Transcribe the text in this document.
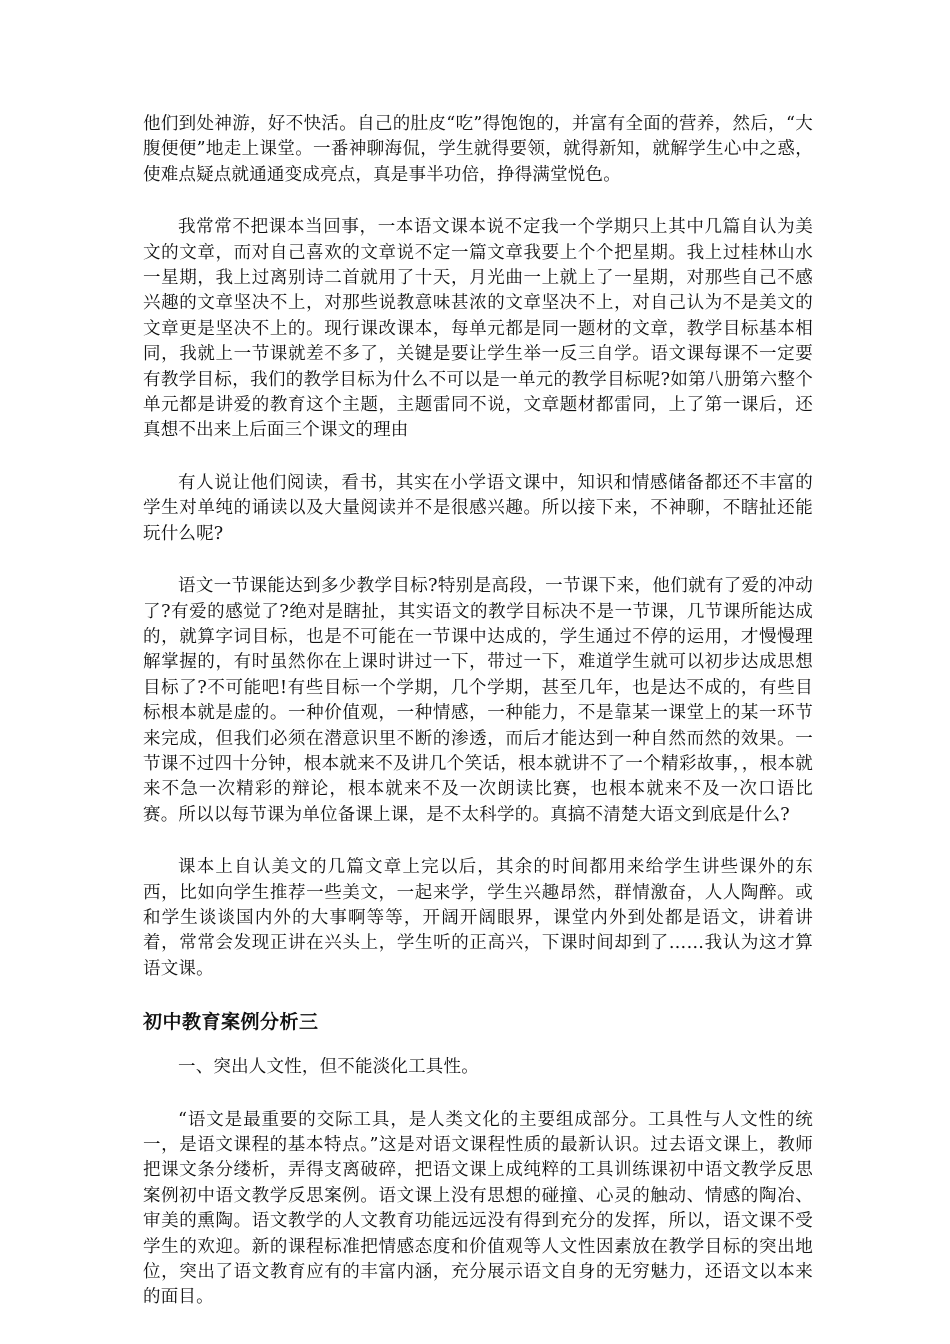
他们到处神游，好不快活。自己的肚皮“吃”得饱饱的，并富有全面的营养，然后，“大腹便便”地走上课堂。一番神聊海侃，学生就得要领，就得新知，就解学生心中之惑，使难点疑点就通通变成亮点，真是事半功倍，挣得满堂悦色。

我常常不把课本当回事，一本语文课本说不定我一个学期只上其中几篇自认为美文的文章，而对自己喜欢的文章说不定一篇文章我要上个个把星期。我上过桂林山水一星期，我上过离别诗二首就用了十天，月光曲一上就上了一星期，对那些自己不感兴趣的文章坚决不上，对那些说教意味甚浓的文章坚决不上，对自己认为不是美文的文章更是坚决不上的。现行课改课本，每单元都是同一题材的文章，教学目标基本相同，我就上一节课就差不多了，关键是要让学生举一反三自学。语文课每课不一定要有教学目标，我们的教学目标为什么不可以是一单元的教学目标呢?如第八册第六整个单元都是讲爱的教育这个主题，主题雷同不说，文章题材都雷同，上了第一课后，还真想不出来上后面三个课文的理由

有人说让他们阅读，看书，其实在小学语文课中，知识和情感储备都还不丰富的学生对单纯的诵读以及大量阅读并不是很感兴趣。所以接下来，不神聊，不瞎扯还能玩什么呢?

语文一节课能达到多少教学目标?特别是高段，一节课下来，他们就有了爱的冲动了?有爱的感觉了?绝对是瞎扯，其实语文的教学目标决不是一节课，几节课所能达成的，就算字词目标，也是不可能在一节课中达成的，学生通过不停的运用，才慢慢理解掌握的，有时虽然你在上课时讲过一下，带过一下，难道学生就可以初步达成思想目标了?不可能吧!有些目标一个学期，几个学期，甚至几年，也是达不成的，有些目标根本就是虚的。一种价值观，一种情感，一种能力，不是靠某一课堂上的某一环节来完成，但我们必须在潜意识里不断的渗透，而后才能达到一种自然而然的效果。一节课不过四十分钟，根本就来不及讲几个笑话，根本就讲不了一个精彩故事，，根本就来不急一次精彩的辩论，根本就来不及一次朗读比赛，也根本就来不及一次口语比赛。所以以每节课为单位备课上课，是不太科学的。真搞不清楚大语文到底是什么?

课本上自认美文的几篇文章上完以后，其余的时间都用来给学生讲些课外的东西，比如向学生推荐一些美文，一起来学，学生兴趣昂然，群情激奋，人人陶醉。或和学生谈谈国内外的大事啊等等，开阔开阔眼界，课堂内外到处都是语文，讲着讲着，常常会发现正讲在兴头上，学生听的正高兴，下课时间却到了……我认为这才算语文课。

初中教育案例分析三

一、突出人文性，但不能淡化工具性。

“语文是最重要的交际工具，是人类文化的主要组成部分。工具性与人文性的统一，是语文课程的基本特点。”这是对语文课程性质的最新认识。过去语文课上，教师把课文条分缕析，弄得支离破碎，把语文课上成纯粹的工具训练课初中语文教学反思案例初中语文教学反思案例。语文课上没有思想的碰撞、心灵的触动、情感的陶冶、审美的熏陶。语文教学的人文教育功能远远没有得到充分的发挥，所以，语文课不受学生的欢迎。新的课程标准把情感态度和价值观等人文性因素放在教学目标的突出地位，突出了语文教育应有的丰富内涵，充分展示语文自身的无穷魅力，还语文以本来的面目。
